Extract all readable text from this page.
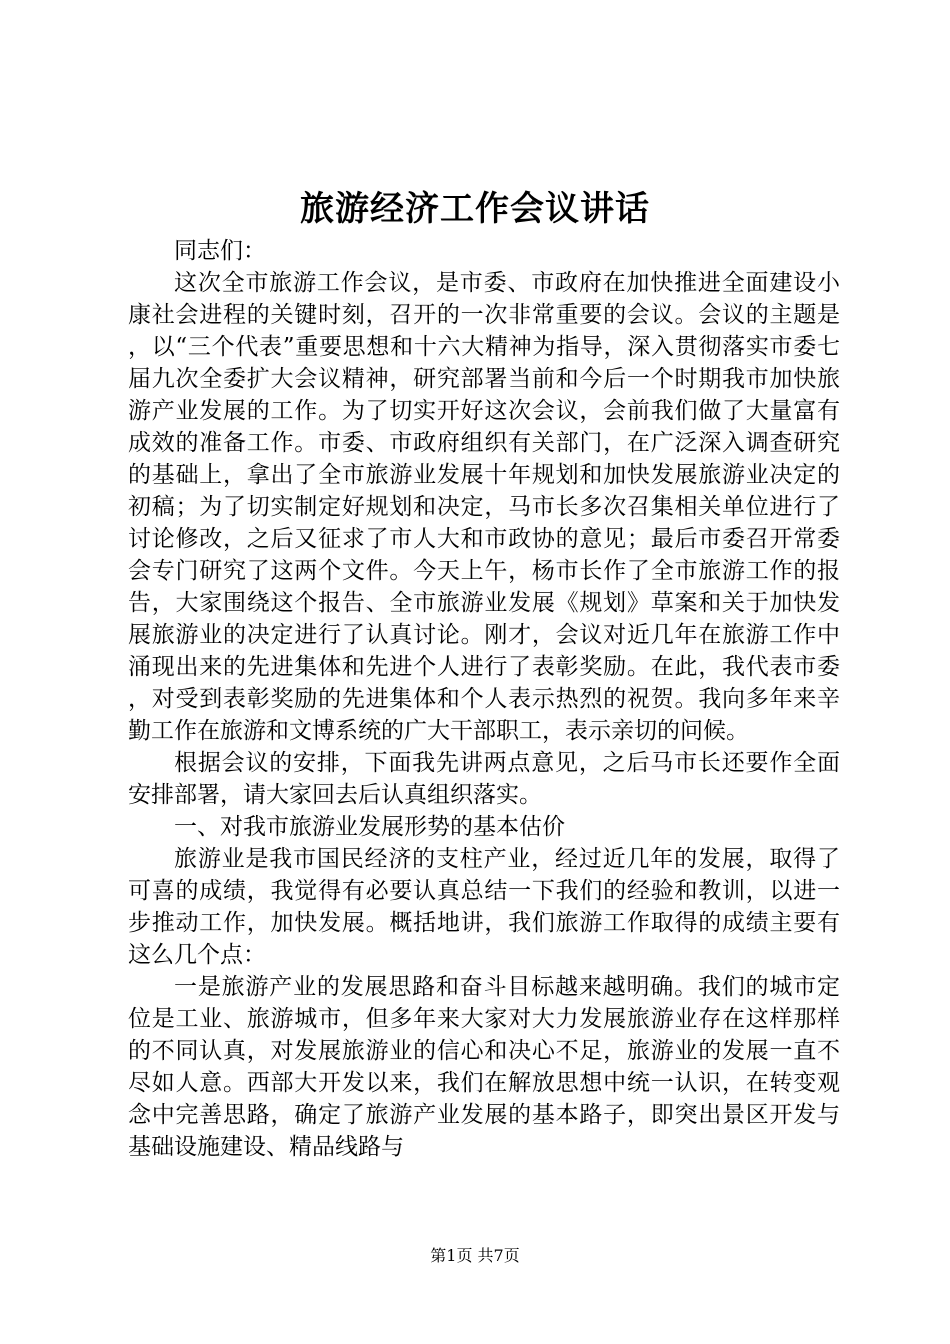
旅游经济工作会议讲话

同志们：

这次全市旅游工作会议，是市委、市政府在加快推进全面建设小康社会进程的关键时刻，召开的一次非常重要的会议。会议的主题是，以“三个代表”重要思想和十六大精神为指导，深入贯彻落实市委七届九次全委扩大会议精神，研究部署当前和今后一个时期我市加快旅游产业发展的工作。为了切实开好这次会议，会前我们做了大量富有成效的准备工作。市委、市政府组织有关部门，在广泛深入调查研究的基础上，拿出了全市旅游业发展十年规划和加快发展旅游业决定的初稿；为了切实制定好规划和决定，马市长多次召集相关单位进行了讨论修改，之后又征求了市人大和市政协的意见；最后市委召开常委会专门研究了这两个文件。今天上午，杨市长作了全市旅游工作的报告，大家围绕这个报告、全市旅游业发展《规划》草案和关于加快发展旅游业的决定进行了认真讨论。刚才，会议对近几年在旅游工作中涌现出来的先进集体和先进个人进行了表彰奖励。在此，我代表市委，对受到表彰奖励的先进集体和个人表示热烈的祝贺。我向多年来辛勤工作在旅游和文博系统的广大干部职工，表示亲切的问候。

根据会议的安排，下面我先讲两点意见，之后马市长还要作全面安排部署，请大家回去后认真组织落实。

一、对我市旅游业发展形势的基本估价

旅游业是我市国民经济的支柱产业，经过近几年的发展，取得了可喜的成绩，我觉得有必要认真总结一下我们的经验和教训，以进一步推动工作，加快发展。概括地讲，我们旅游工作取得的成绩主要有这么几个点：

一是旅游产业的发展思路和奋斗目标越来越明确。我们的城市定位是工业、旅游城市，但多年来大家对大力发展旅游业存在这样那样的不同认真，对发展旅游业的信心和决心不足，旅游业的发展一直不尽如人意。西部大开发以来，我们在解放思想中统一认识，在转变观念中完善思路，确定了旅游产业发展的基本路子，即突出景区开发与基础设施建设、精品线路与

第1页 共7页
